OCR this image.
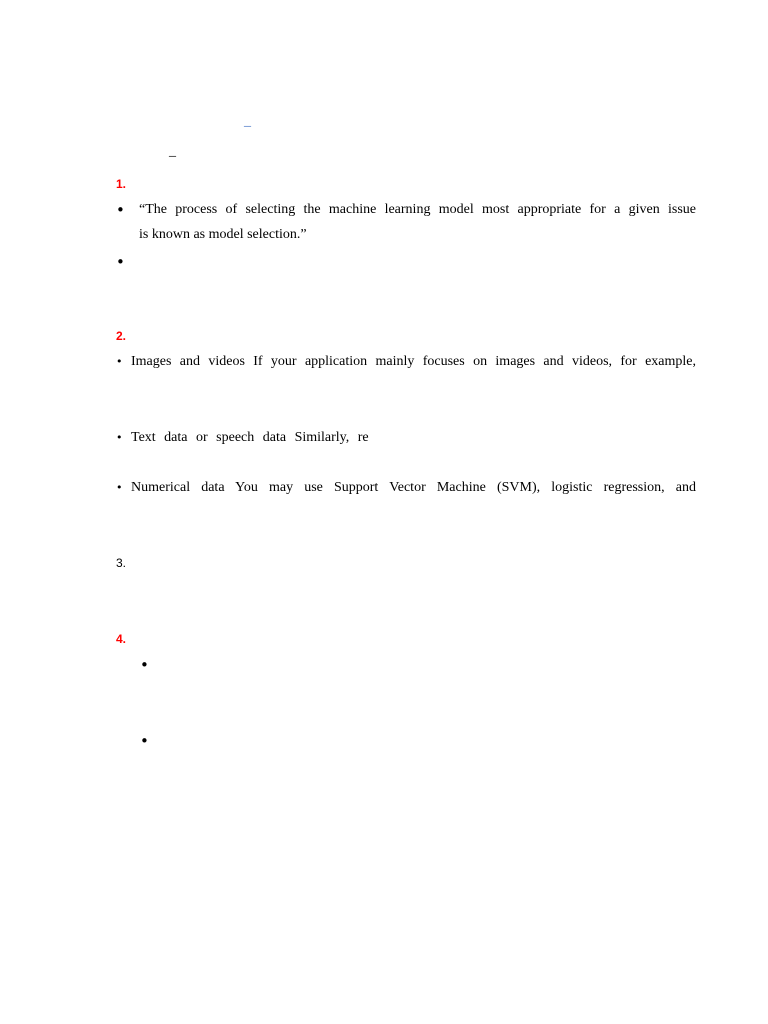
_
_
1.
• “The process of selecting the machine learning model most appropriate for a given issue
is known as model selection.”
•
2.
• Images and videos If your application mainly focuses on images and videos, for example,
• Text data or speech data Similarly, re
• Numerical data You may use Support Vector Machine (SVM), logistic regression, and
3.
4.
•
•
